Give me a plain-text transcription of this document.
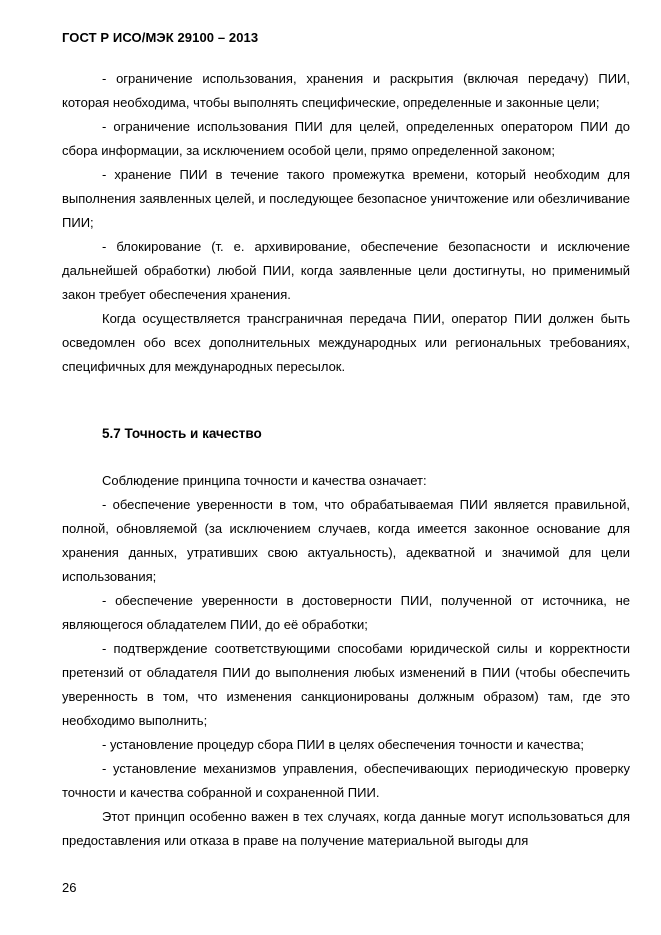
ГОСТ Р ИСО/МЭК 29100 – 2013

- ограничение использования, хранения и раскрытия (включая передачу) ПИИ, которая необходима, чтобы выполнять специфические, определенные и законные цели;

- ограничение использования ПИИ для целей, определенных оператором ПИИ до сбора информации, за исключением особой цели, прямо определенной законом;

- хранение ПИИ в течение такого промежутка времени, который необходим для выполнения заявленных целей, и последующее безопасное уничтожение или обезличивание ПИИ;

- блокирование (т. е. архивирование, обеспечение безопасности и исключение дальнейшей обработки) любой ПИИ, когда заявленные цели достигнуты, но применимый закон требует обеспечения хранения.

Когда осуществляется трансграничная передача ПИИ, оператор ПИИ должен быть осведомлен обо всех дополнительных международных или региональных требованиях, специфичных для международных пересылок.

5.7 Точность и качество

Соблюдение принципа точности и качества означает:

- обеспечение уверенности в том, что обрабатываемая ПИИ является правильной, полной, обновляемой (за исключением случаев, когда имеется законное основание для хранения данных, утративших свою актуальность), адекватной и значимой для цели использования;

- обеспечение уверенности в достоверности ПИИ, полученной от источника, не являющегося обладателем ПИИ, до её обработки;

- подтверждение соответствующими способами юридической силы и корректности претензий от обладателя ПИИ до выполнения любых изменений в ПИИ (чтобы обеспечить уверенность в том, что изменения санкционированы должным образом) там, где это необходимо выполнить;

- установление процедур сбора ПИИ в целях обеспечения точности и качества;

- установление механизмов управления, обеспечивающих периодическую проверку точности и качества собранной и сохраненной ПИИ.

Этот принцип особенно важен в тех случаях, когда данные могут использоваться для предоставления или отказа в праве на получение материальной выгоды для

26
